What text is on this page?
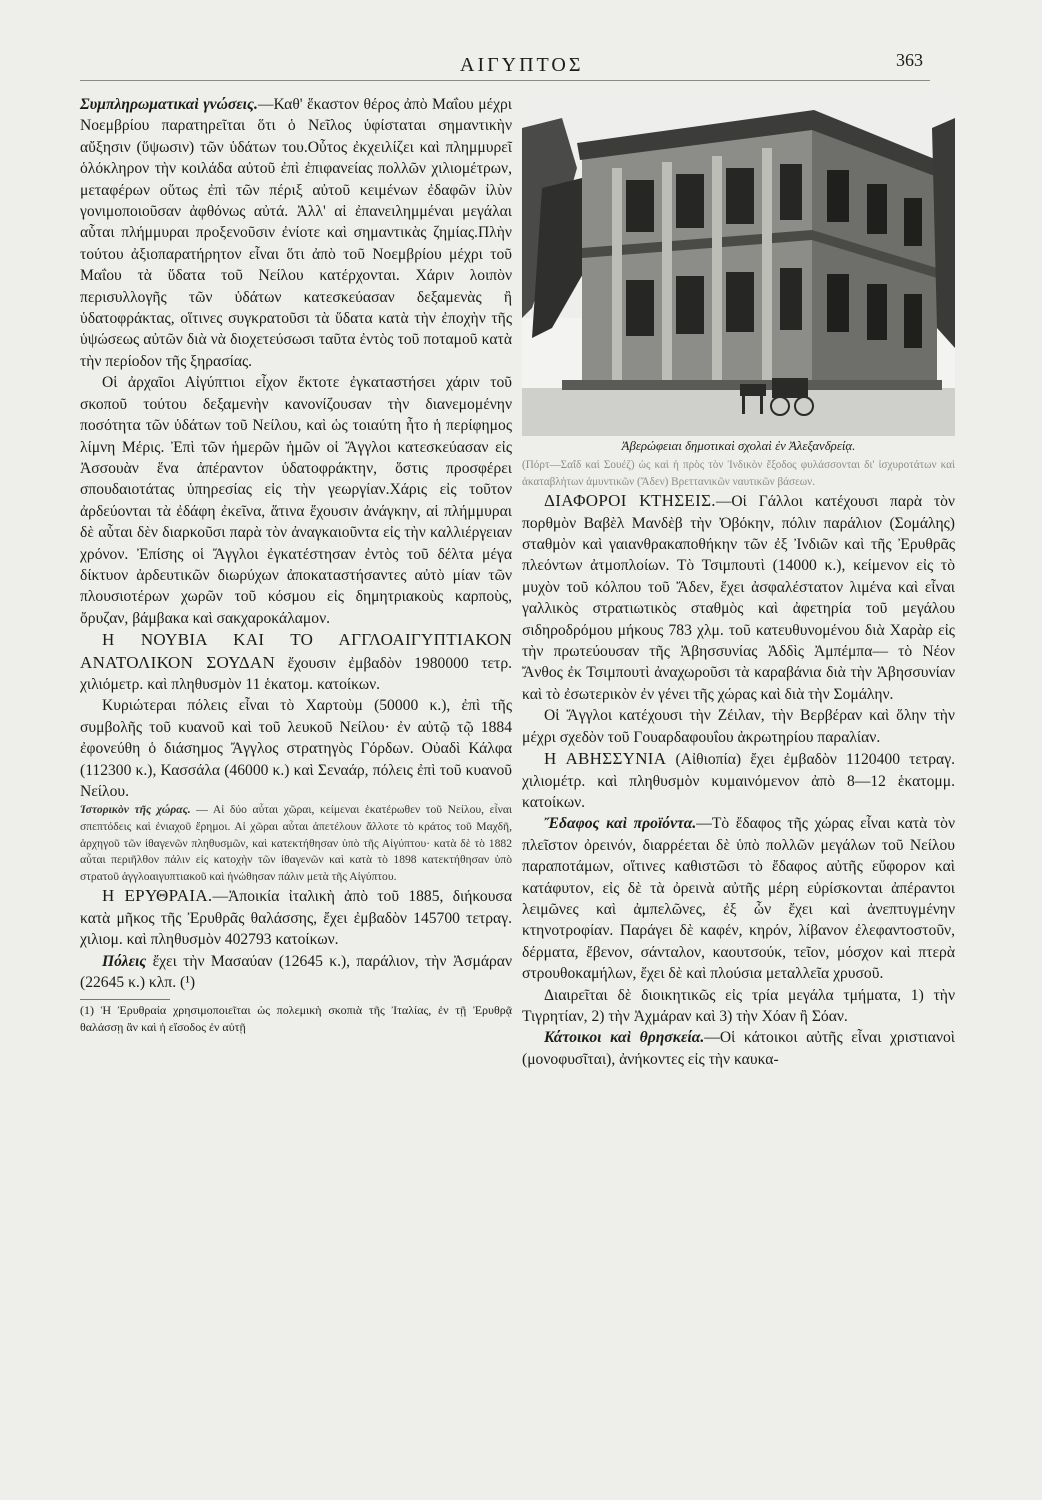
ΑΙΓΥΠΤΟΣ	363

Συμπληρωματικαὶ γνώσεις.—Καθ' ἕκαστον θέρος ἀπὸ Μαΐου μέχρι Νοεμβρίου παρατηρεῖται ὅτι ὁ Νεῖλος ὑφίσταται σημαντικὴν αὔξησιν (ὕψωσιν) τῶν ὑδάτων του.Οὗτος ἐκχειλίζει καὶ πλημμυρεῖ ὁλόκληρον τὴν κοιλάδα αὐτοῦ ἐπὶ ἐπιφανείας πολλῶν χιλιομέτρων, μεταφέρων οὕτως ἐπὶ τῶν πέριξ αὐτοῦ κειμένων ἐδαφῶν ἰλὺν γονιμοποιοῦσαν ἀφθόνως αὐτά. Ἀλλ' αἱ ἐπανειλημμέναι μεγάλαι αὗται πλήμμυραι προξενοῦσιν ἐνίοτε καὶ σημαντικὰς ζημίας.Πλὴν τούτου ἀξιοπαρατήρητον εἶναι ὅτι ἀπὸ τοῦ Νοεμβρίου μέχρι τοῦ Μαΐου τὰ ὕδατα τοῦ Νείλου κατέρχονται. Χάριν λοιπὸν περισυλλογῆς τῶν ὑδάτων κατεσκεύασαν δεξαμενὰς ἢ ὑδατοφράκτας, οἵτινες συγκρατοῦσι τὰ ὕδατα κατὰ τὴν ἐποχὴν τῆς ὑψώσεως αὐτῶν διὰ νὰ διοχετεύσωσι ταῦτα ἐντὸς τοῦ ποταμοῦ κατὰ τὴν περίοδον τῆς ξηρασίας.

Οἱ ἀρχαῖοι Αἰγύπτιοι εἶχον ἔκτοτε ἐγκαταστήσει χάριν τοῦ σκοποῦ τούτου δεξαμενὴν κανονίζουσαν τὴν διανεμομένην ποσότητα τῶν ὑδάτων τοῦ Νείλου, καὶ ὡς τοιαύτη ἦτο ἡ περίφημος λίμνη Μέρις. Ἐπὶ τῶν ἡμερῶν ἡμῶν οἱ Ἄγγλοι κατεσκεύασαν εἰς Ἀσσουὰν ἕνα ἀπέραντον ὑδατοφράκτην, ὅστις προσφέρει σπουδαιοτάτας ὑπηρεσίας εἰς τὴν γεωργίαν.Χάρις εἰς τοῦτον ἀρδεύονται τὰ ἐδάφη ἐκεῖνα, ἅτινα ἔχουσιν ἀνάγκην, αἱ πλήμμυραι δὲ αὗται δὲν διαρκοῦσι παρὰ τὸν ἀναγκαιοῦντα εἰς τὴν καλλιέργειαν χρόνον. Ἐπίσης οἱ Ἄγγλοι ἐγκατέστησαν ἐντὸς τοῦ δέλτα μέγα δίκτυον ἀρδευτικῶν διωρύχων ἀποκαταστήσαντες αὐτὸ μίαν τῶν πλουσιοτέρων χωρῶν τοῦ κόσμου εἰς δημητριακοὺς καρποὺς, ὄρυζαν, βάμβακα καὶ σακχαροκάλαμον.

Η ΝΟΥΒΙΑ ΚΑΙ ΤΟ ΑΓΓΛΟΑΙΓΥΠΤΙΑΚΟΝ ΑΝΑΤΟΛΙΚΟΝ ΣΟΥΔΑΝ ἔχουσιν ἐμβαδὸν 1980000 τετρ. χιλιόμετρ. καὶ πληθυσμὸν 11 ἑκατομ. κατοίκων.

Κυριώτεραι πόλεις εἶναι τὸ Χαρτοὺμ (50000 κ.), ἐπὶ τῆς συμβολῆς τοῦ κυανοῦ καὶ τοῦ λευκοῦ Νείλου· ἐν αὐτῷ τῷ 1884 ἐφονεύθη ὁ διάσημος Ἄγγλος στρατηγὸς Γόρδων. Οὐαδὶ Κάλφα (112300 κ.), Κασσάλα (46000 κ.) καὶ Σεναάρ, πόλεις ἐπὶ τοῦ κυανοῦ Νείλου.

Ἱστορικὸν τῆς χώρας. — Αἱ δύο αὗται χῶραι, κείμεναι ἑκατέρωθεν τοῦ Νείλου, εἶναι σπεπτόδεις καὶ ἐνιαχοῦ ἔρημοι. Αἱ χῶραι αὗται ἀπετέλουν ἄλλοτε τὸ κράτος τοῦ Μαχδῆ, ἀρχηγοῦ τῶν ἰθαγενῶν πληθυσμῶν, καὶ κατεκτήθησαν ὑπὸ τῆς Αἰγύπτου· κατὰ δὲ τὸ 1882 αὗται περιῆλθον πάλιν εἰς κατοχὴν τῶν ἰθαγενῶν καὶ κατὰ τὸ 1898 κατεκτήθησαν ὑπὸ στρατοῦ ἀγγλοαιγυπτιακοῦ καὶ ἡνώθησαν πάλιν μετὰ τῆς Αἰγύπτου.

Η ΕΡΥΘΡΑΙΑ.—Ἀποικία ἰταλικὴ ἀπὸ τοῦ 1885, διήκουσα κατὰ μῆκος τῆς Ἐρυθρᾶς θαλάσσης, ἔχει ἐμβαδὸν 145700 τετραγ. χιλιομ. καὶ πληθυσμὸν 402793 κατοίκων.

Πόλεις ἔχει τὴν Μασαύαν (12645 κ.), παράλιον, τὴν Ἀσμάραν (22645 κ.) κλπ. (¹)

(1) Ἡ Ἐρυθραία χρησιμοποιεῖται ὡς πολεμικὴ σκοπιὰ τῆς Ἰταλίας, ἐν τῇ Ἐρυθρᾷ θαλάσσῃ ἂν καὶ ἡ εἴσοδος ἐν αὐτῇ

Ἀβερώφειαι δημοτικαὶ σχολαὶ ἐν Ἀλεξανδρείᾳ.

(Πόρτ—Σαΐδ καὶ Σουέζ) ὡς καὶ ἡ πρὸς τὸν Ἰνδικὸν ἔξοδος φυλάσσονται δι' ἰσχυροτάτων καὶ ἀκαταβλήτων ἀμυντικῶν (Ἄδεν) Βρεττανικῶν ναυτικῶν βάσεων.

ΔΙΑΦΟΡΟΙ ΚΤΗΣΕΙΣ.—Οἱ Γάλλοι κατέχουσι παρὰ τὸν πορθμὸν Βαβὲλ Μανδὲβ τὴν Ὀβόκην, πόλιν παράλιον (Σομάλης) σταθμὸν καὶ γαιανθρακαποθήκην τῶν ἐξ Ἰνδιῶν καὶ τῆς Ἐρυθρᾶς πλεόντων ἀτμοπλοίων. Τὸ Τσιμπουτὶ (14000 κ.), κείμενον εἰς τὸ μυχὸν τοῦ κόλπου τοῦ Ἄδεν, ἔχει ἀσφαλέστατον λιμένα καὶ εἶναι γαλλικὸς στρατιωτικὸς σταθμὸς καὶ ἀφετηρία τοῦ μεγάλου σιδηροδρόμου μήκους 783 χλμ. τοῦ κατευθυνομένου διὰ Χαρὰρ εἰς τὴν πρωτεύουσαν τῆς Ἀβησσυνίας Ἀδδὶς Ἀμπέμπα— τὸ Νέον Ἄνθος ἐκ Τσιμπουτὶ ἀναχωροῦσι τὰ καραβάνια διὰ τὴν Ἀβησσυνίαν καὶ τὸ ἐσωτερικὸν ἐν γένει τῆς χώρας καὶ διὰ τὴν Σομάλην.

Οἱ Ἄγγλοι κατέχουσι τὴν Ζέιλαν, τὴν Βερβέραν καὶ ὅλην τὴν μέχρι σχεδὸν τοῦ Γουαρδαφουΐου ἀκρωτηρίου παραλίαν.

Η ΑΒΗΣΣΥΝΙΑ (Αἰθιοπία) ἔχει ἐμβαδὸν 1120400 τετραγ. χιλιομέτρ. καὶ πληθυσμὸν κυμαινόμενον ἀπὸ 8—12 ἑκατομμ. κατοίκων.

Ἔδαφος καὶ προϊόντα.—Τὸ ἔδαφος τῆς χώρας εἶναι κατὰ τὸν πλεῖστον ὀρεινόν, διαρρέεται δὲ ὑπὸ πολλῶν μεγάλων τοῦ Νείλου παραποτάμων, οἵτινες καθιστῶσι τὸ ἔδαφος αὐτῆς εὔφορον καὶ κατάφυτον, εἰς δὲ τὰ ὀρεινὰ αὐτῆς μέρη εὑρίσκονται ἀπέραντοι λειμῶνες καὶ ἀμπελῶνες, ἐξ ὧν ἔχει καὶ ἀνεπτυγμένην κτηνοτροφίαν. Παράγει δὲ καφέν, κηρόν, λίβανον ἐλεφαντοστοῦν, δέρματα, ἔβενον, σάνταλον, καουτσούκ, τεῖον, μόσχον καὶ πτερὰ στρουθοκαμήλων, ἔχει δὲ καὶ πλούσια μεταλλεῖα χρυσοῦ.

Διαιρεῖται δὲ διοικητικῶς εἰς τρία μεγάλα τμήματα, 1) τὴν Τιγρητίαν, 2) τὴν Ἀχμάραν καὶ 3) τὴν Χόαν ἢ Σόαν.

Κάτοικοι καὶ θρησκεία.—Οἱ κάτοικοι αὐτῆς εἶναι χριστιανοὶ (μονοφυσῖται), ἀνήκοντες εἰς τὴν καυκα-
